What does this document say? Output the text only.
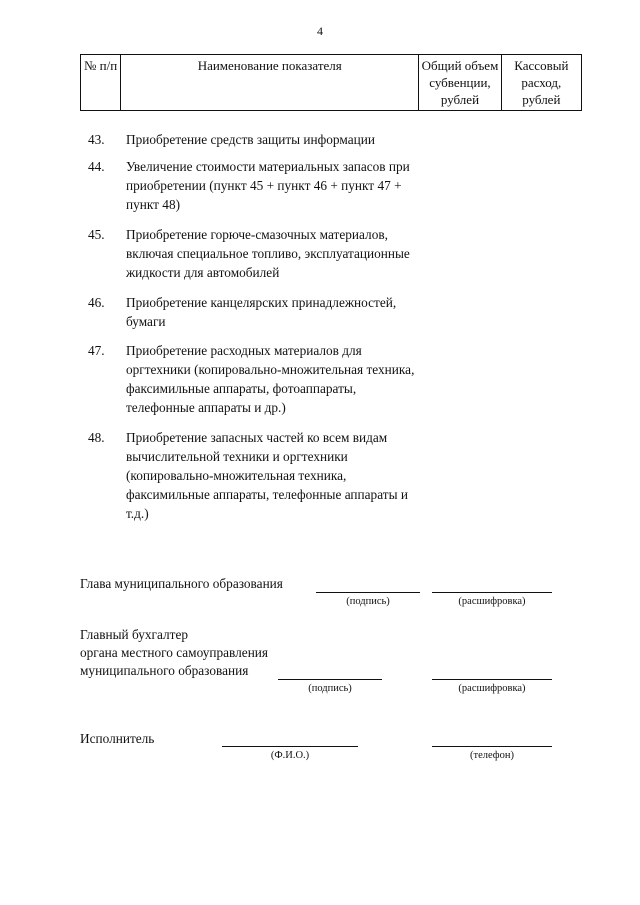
4
№ п/п	Наименование показателя	Общий объем субвенции, рублей	Кассовый расход, рублей
43.	Приобретение средств защиты информации
44.	Увеличение стоимости материальных запасов при приобретении (пункт 45 + пункт 46 + пункт 47 + пункт 48)
45.	Приобретение горюче-смазочных материалов, включая специальное топливо, эксплуатационные жидкости для автомобилей
46.	Приобретение канцелярских принадлежностей, бумаги
47.	Приобретение расходных материалов для оргтехники (копировально-множительная техника, факсимильные аппараты, фотоаппараты, телефонные аппараты и др.)
48.	Приобретение запасных частей ко всем видам вычислительной техники и оргтехники (копировально-множительная техника, факсимильные аппараты, телефонные аппараты и т.д.)
Глава муниципального образования
(подпись)	(расшифровка)
Главный бухгалтер
органа местного самоуправления
муниципального образования
(подпись)	(расшифровка)
Исполнитель
(Ф.И.О.)	(телефон)
